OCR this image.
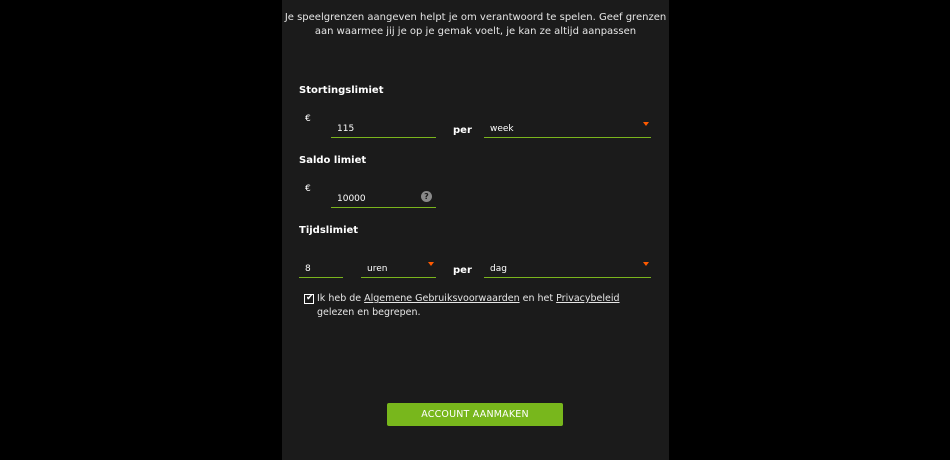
Je speelgrenzen aangeven helpt je om verantwoord te spelen. Geef grenzen aan waarmee jij je op je gemak voelt, je kan ze altijd aanpassen
Stortingslimiet
€
115	per week
Saldo limiet
€
10000	?
Tijdslimiet
8	uren	per dag
✔ Ik heb de Algemene Gebruiksvoorwaarden en het Privacybeleid gelezen en begrepen.
ACCOUNT AANMAKEN
